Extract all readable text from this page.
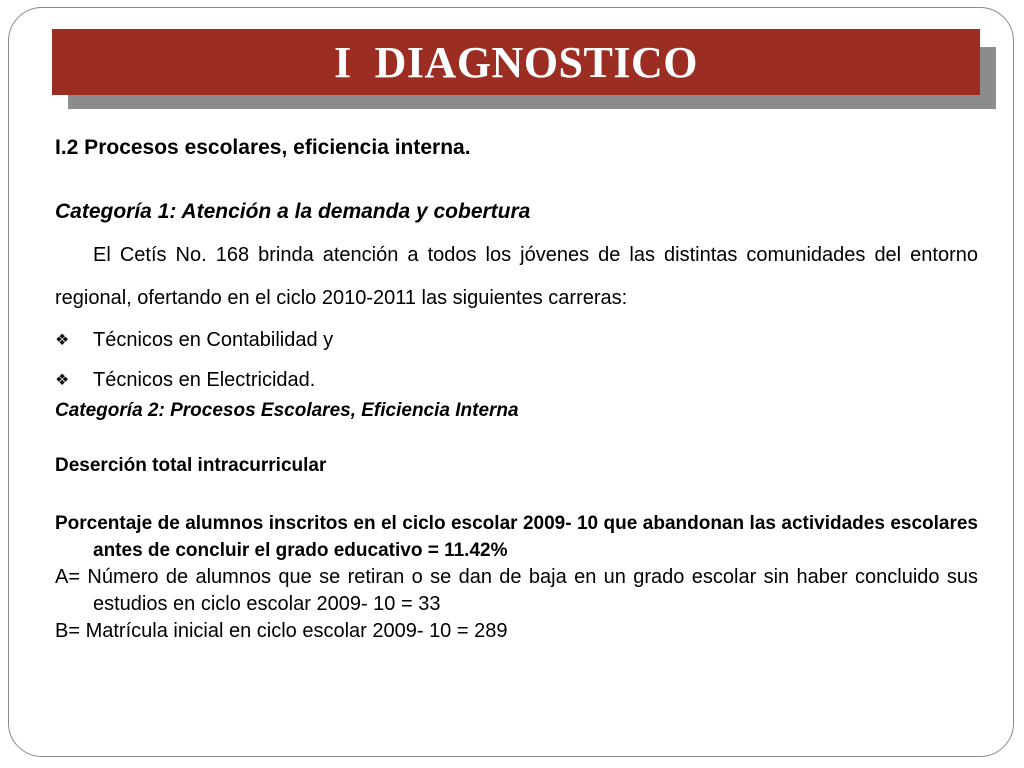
I  DIAGNOSTICO

I.2 Procesos escolares, eficiencia interna.

Categoría 1: Atención a la demanda y cobertura

El Cetís No. 168 brinda atención a todos los jóvenes de las distintas comunidades del entorno regional, ofertando en el ciclo 2010-2011 las siguientes carreras:

❖	Técnicos en Contabilidad y
❖	Técnicos en Electricidad.

Categoría 2: Procesos Escolares, Eficiencia Interna

Deserción total intracurricular

Porcentaje de alumnos inscritos en el ciclo escolar 2009- 10 que abandonan las actividades escolares antes de concluir el grado educativo = 11.42%

A= Número de alumnos que se retiran o se dan de baja en un grado escolar sin haber concluido sus estudios en ciclo escolar 2009- 10 = 33

B= Matrícula inicial en ciclo escolar 2009- 10 = 289
